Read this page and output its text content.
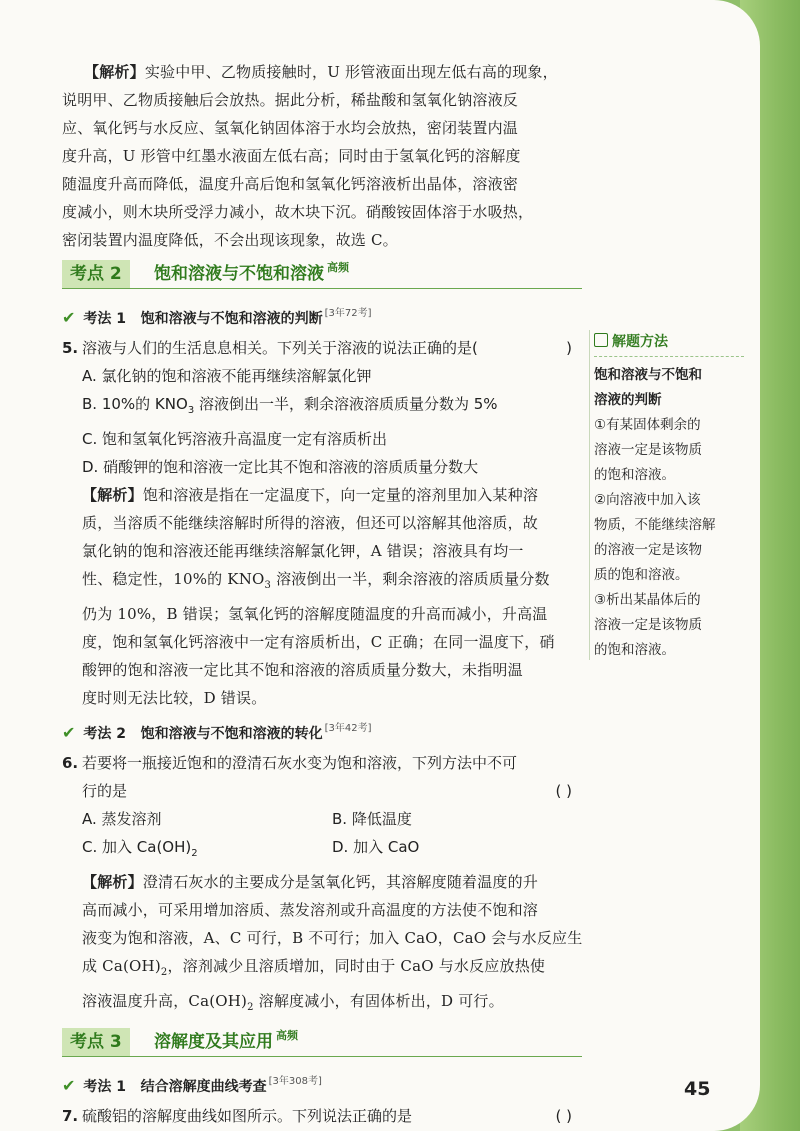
【解析】实验中甲、乙物质接触时，U 形管液面出现左低右高的现象，
说明甲、乙物质接触后会放热。据此分析，稀盐酸和氢氧化钠溶液反
应、氧化钙与水反应、氢氧化钠固体溶于水均会放热，密闭装置内温
度升高，U 形管中红墨水液面左低右高；同时由于氢氧化钙的溶解度
随温度升高而降低，温度升高后饱和氢氧化钙溶液析出晶体，溶液密
度减小，则木块所受浮力减小，故木块下沉。硝酸铵固体溶于水吸热，
密闭装置内温度降低，不会出现该现象，故选 C。
考点 2	饱和溶液与不饱和溶液 $^{高频}$
✔ 考法 1 饱和溶液与不饱和溶液的判断 [3年72考]
5. 溶液与人们的生活息息相关。下列关于溶液的说法正确的是(	)
A. 氯化钠的饱和溶液不能再继续溶解氯化钾
B. 10%的 $KNO_3$ 溶液倒出一半，剩余溶液溶质质量分数为 5%
C. 饱和氢氧化钙溶液升高温度一定有溶质析出
D. 硝酸钾的饱和溶液一定比其不饱和溶液的溶质质量分数大
【解析】饱和溶液是指在一定温度下，向一定量的溶剂里加入某种溶
质，当溶质不能继续溶解时所得的溶液，但还可以溶解其他溶质，故
氯化钠的饱和溶液还能再继续溶解氯化钾，A 错误；溶液具有均一
性、稳定性，10%的 $KNO_3$ 溶液倒出一半，剩余溶液的溶质质量分数
仍为 10%，B 错误；氢氧化钙的溶解度随温度的升高而减小，升高温
度，饱和氢氧化钙溶液中一定有溶质析出，C 正确；在同一温度下，硝
酸钾的饱和溶液一定比其不饱和溶液的溶质质量分数大，未指明温
度时则无法比较，D 错误。
✔ 考法 2 饱和溶液与不饱和溶液的转化 [3年42考]
6. 若要将一瓶接近饱和的澄清石灰水变为饱和溶液，下列方法中不可
行的是	( )
A. 蒸发溶剂	B. 降低温度
C. 加入 $Ca(OH)_2$	D. 加入 CaO
【解析】澄清石灰水的主要成分是氢氧化钙，其溶解度随着温度的升
高而减小，可采用增加溶质、蒸发溶剂或升高温度的方法使不饱和溶
液变为饱和溶液，A、C 可行，B 不可行；加入 CaO，CaO 会与水反应生
成 $Ca(OH)_2$，溶剂减少且溶质增加，同时由于 CaO 与水反应放热使
溶液温度升高，$Ca(OH)_2$ 溶解度减小，有固体析出，D 可行。
考点 3	溶解度及其应用 $^{高频}$
✔ 考法 1 结合溶解度曲线考查 [3年308考]
7. 硫酸铝的溶解度曲线如图所示。下列说法正确的是	( )
解题方法
饱和溶液与不饱和
溶液的判断
①有某固体剩余的
溶液一定是该物质
的饱和溶液。
②向溶液中加入该
物质，不能继续溶解
的溶液一定是该物
质的饱和溶液。
③析出某晶体后的
溶液一定是该物质
的饱和溶液。
45
